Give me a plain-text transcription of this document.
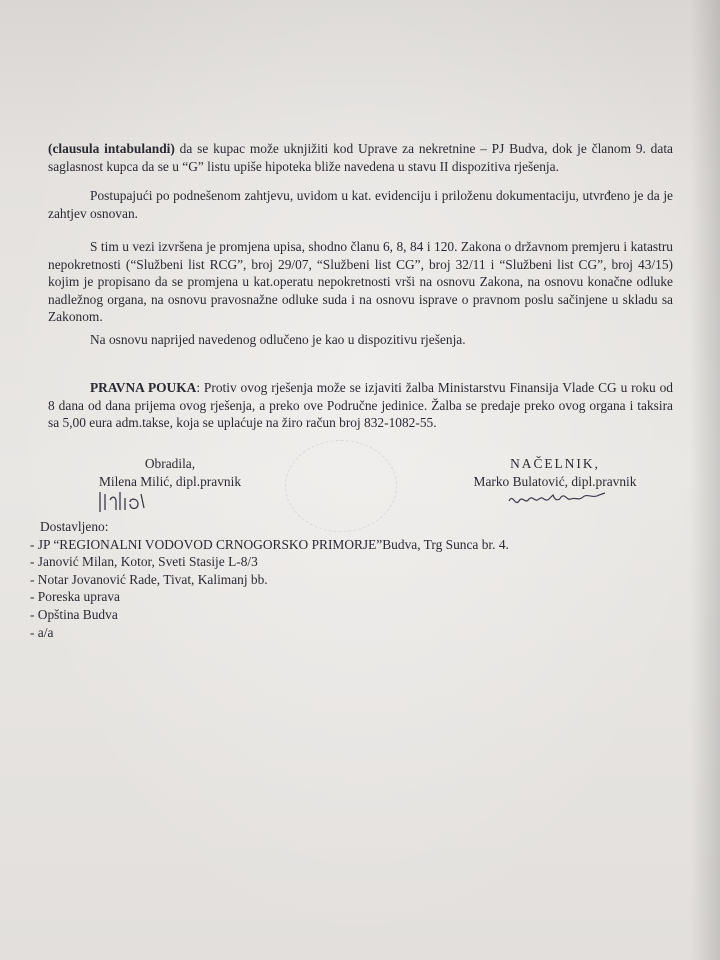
(clausula intabulandi) da se kupac može uknjižiti kod Uprave za nekretnine – PJ Budva, dok je članom 9. data saglasnost kupca da se u “G” listu upiše hipoteka bliže navedena u stavu II dispozitiva rješenja.

Postupajući po podnešenom zahtjevu, uvidom u kat. evidenciju i priloženu dokumentaciju, utvrđeno je da je zahtjev osnovan.

S tim u vezi izvršena je promjena upisa, shodno članu 6, 8, 84 i 120. Zakona o državnom premjeru i katastru nepokretnosti (“Službeni list RCG”, broj 29/07, “Službeni list CG”, broj 32/11 i “Službeni list CG”, broj 43/15) kojim je propisano da se promjena u kat.operatu nepokretnosti vrši na osnovu Zakona, na osnovu konačne odluke nadležnog organa, na osnovu pravosnažne odluke suda i na osnovu isprave o pravnom poslu sačinjene u skladu sa Zakonom.

Na osnovu naprijed navedenog odlučeno je kao u dispozitivu rješenja.

PRAVNA POUKA: Protiv ovog rješenja može se izjaviti žalba Ministarstvu Finansija Vlade CG u roku od 8 dana od dana prijema ovog rješenja, a preko ove Područne jedinice. Žalba se predaje preko ovog organa i taksira sa 5,00 eura adm.takse, koja se uplaćuje na žiro račun broj 832-1082-55.

Obradila,
Milena Milić, dipl.pravnik
NAČELNIK,
Marko Bulatović, dipl.pravnik
Dostavljeno:
- JP “REGIONALNI VODOVOD CRNOGORSKO PRIMORJE”Budva, Trg Sunca br. 4.
- Janović Milan, Kotor, Sveti Stasije L-8/3
- Notar Jovanović Rade, Tivat, Kalimanj bb.
- Poreska uprava
- Opština Budva
- a/a
